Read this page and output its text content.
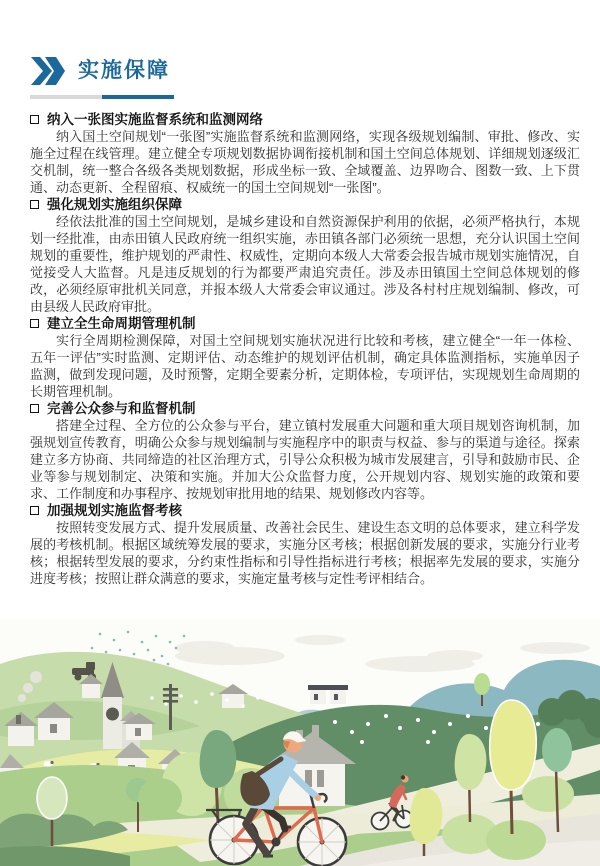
实施保障
纳入一张图实施监督系统和监测网络

纳入国土空间规划“一张图”实施监督系统和监测网络，实现各级规划编制、审批、修改、实施全过程在线管理。建立健全专项规划数据协调衔接机制和国土空间总体规划、详细规划逐级汇交机制，统一整合各级各类规划数据，形成坐标一致、全域覆盖、边界吻合、图数一致、上下贯通、动态更新、全程留痕、权威统一的国土空间规划“一张图”。

强化规划实施组织保障

经依法批准的国土空间规划，是城乡建设和自然资源保护利用的依据，必须严格执行，本规划一经批准，由赤田镇人民政府统一组织实施，赤田镇各部门必须统一思想，充分认识国土空间规划的重要性，维护规划的严肃性、权威性，定期向本级人大常委会报告城市规划实施情况，自觉接受人大监督。凡是违反规划的行为都要严肃追究责任。涉及赤田镇国土空间总体规划的修改，必须经原审批机关同意，并报本级人大常委会审议通过。涉及各村村庄规划编制、修改，可由县级人民政府审批。

建立全生命周期管理机制

实行全周期检测保障，对国土空间规划实施状况进行比较和考核，建立健全“一年一体检、五年一评估”实时监测、定期评估、动态维护的规划评估机制，确定具体监测指标，实施单因子监测，做到发现问题，及时预警，定期全要素分析，定期体检，专项评估，实现规划生命周期的长期管理机制。

完善公众参与和监督机制

搭建全过程、全方位的公众参与平台，建立镇村发展重大问题和重大项目规划咨询机制，加强规划宣传教育，明确公众参与规划编制与实施程序中的职责与权益、参与的渠道与途径。探索建立多方协商、共同缔造的社区治理方式，引导公众积极为城市发展建言，引导和鼓励市民、企业等参与规划制定、决策和实施。并加大公众监督力度，公开规划内容、规划实施的政策和要求、工作制度和办事程序、按规划审批用地的结果、规划修改内容等。

加强规划实施监督考核

按照转变发展方式、提升发展质量、改善社会民生、建设生态文明的总体要求，建立科学发展的考核机制。根据区域统筹发展的要求，实施分区考核；根据创新发展的要求，实施分行业考核；根据转型发展的要求，分约束性指标和引导性指标进行考核；根据率先发展的要求，实施分进度考核；按照让群众满意的要求，实施定量考核与定性考评相结合。
